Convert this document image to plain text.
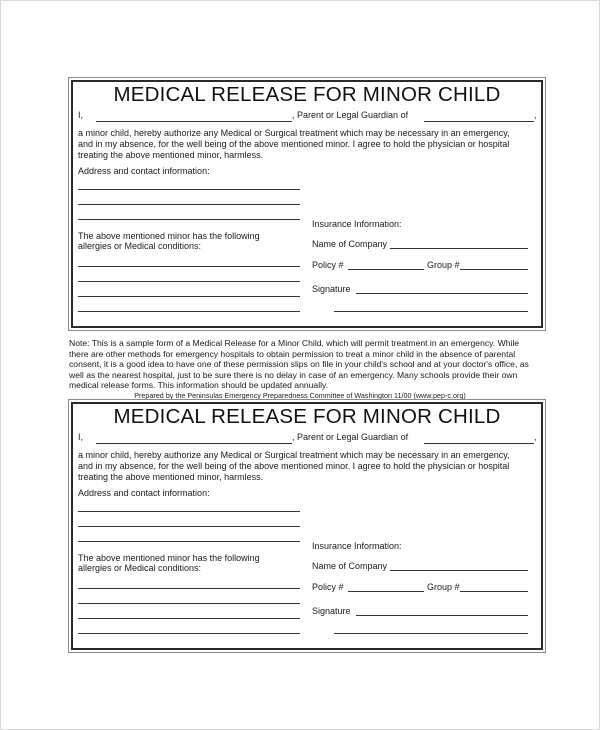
MEDICAL RELEASE FOR MINOR CHILD
I,	, Parent or Legal Guardian of	,
a minor child, hereby authorize any Medical or Surgical treatment which may be necessary in an emergency,
and in my absence, for the well being of the above mentioned minor. I agree to hold the physician or hospital
treating the above mentioned minor, harmless.
Address and contact information:
The above mentioned minor has the following
allergies or Medical conditions:
Insurance Information:
Name of Company
Policy #	Group #
Signature

Note: This is a sample form of a Medical Release for a Minor Child, which will permit treatment in an emergency. While

there are other methods for emergency hospitals to obtain permission to treat a minor child in the absence of parental

consent, it is a good idea to have one of these permission slips on file in your child's school and at your doctor's office, as

well as the nearest hospital, just to be sure there is no delay in case of an emergency. Many schools provide their own

medical release forms. This information should be updated annually.

Prepared by the Peninsulas Emergency Preparedness Committee of Washington 11/00 (www.pep-c.org)
MEDICAL RELEASE FOR MINOR CHILD
I,	, Parent or Legal Guardian of	,
a minor child, hereby authorize any Medical or Surgical treatment which may be necessary in an emergency,
and in my absence, for the well being of the above mentioned minor. I agree to hold the physician or hospital
treating the above mentioned minor, harmless.
Address and contact information:
The above mentioned minor has the following
allergies or Medical conditions:
Insurance Information:
Name of Company
Policy #	Group #
Signature
